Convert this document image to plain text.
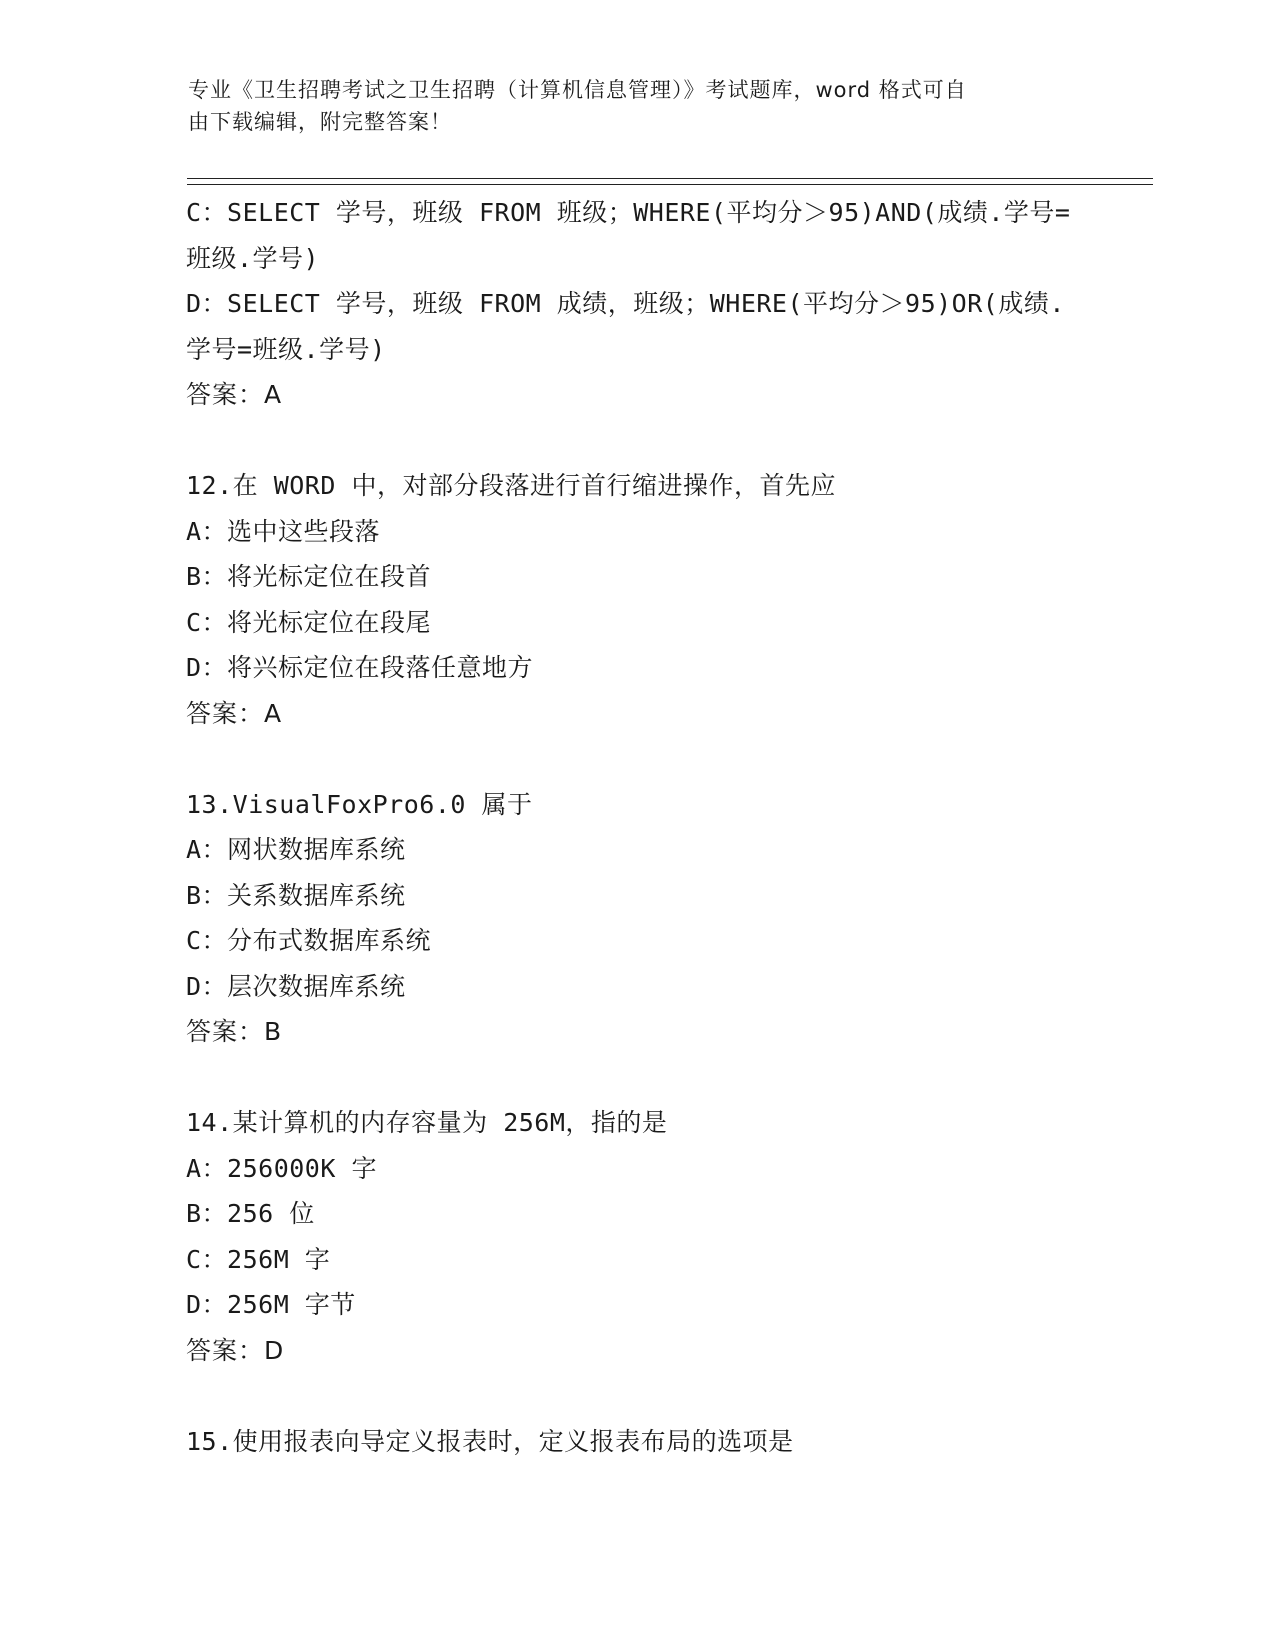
专业《卫生招聘考试之卫生招聘（计算机信息管理）》考试题库，word 格式可自
由下载编辑，附完整答案！
C：SELECT 学号，班级 FROM 班级；WHERE(平均分＞95)AND(成绩.学号=
班级.学号)
D：SELECT 学号，班级 FROM 成绩，班级；WHERE(平均分＞95)OR(成绩.
学号=班级.学号)
答案：A
12.在 WORD 中，对部分段落进行首行缩进操作，首先应
A：选中这些段落
B：将光标定位在段首
C：将光标定位在段尾
D：将兴标定位在段落任意地方
答案：A
13.VisualFoxPro6.0 属于
A：网状数据库系统
B：关系数据库系统
C：分布式数据库系统
D：层次数据库系统
答案：B
14.某计算机的内存容量为 256M，指的是
A：256000K 字
B：256 位
C：256M 字
D：256M 字节
答案：D
15.使用报表向导定义报表时，定义报表布局的选项是
